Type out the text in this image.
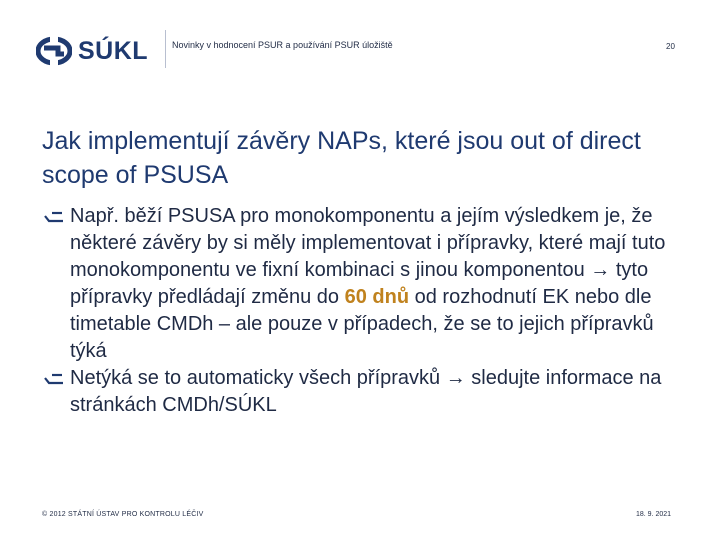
SÚKL	Novinky v hodnocení PSUR a používání PSUR úložiště	20
Jak implementují závěry NAPs, které jsou out of direct scope of PSUSA
Např. běží PSUSA pro monokomponentu a jejím výsledkem je, že některé závěry by si měly implementovat i přípravky, které mají tuto monokomponentu ve fixní kombinaci s jinou komponentou → tyto přípravky předládají změnu do 60 dnů od rozhodnutí EK nebo dle timetable CMDh – ale pouze v případech, že se to jejich přípravků týká
Netýká se to automaticky všech přípravků → sledujte informace na stránkách CMDh/SÚKL
© 2012 STÁTNÍ ÚSTAV PRO KONTROLU LÉČIV	18. 9. 2021
